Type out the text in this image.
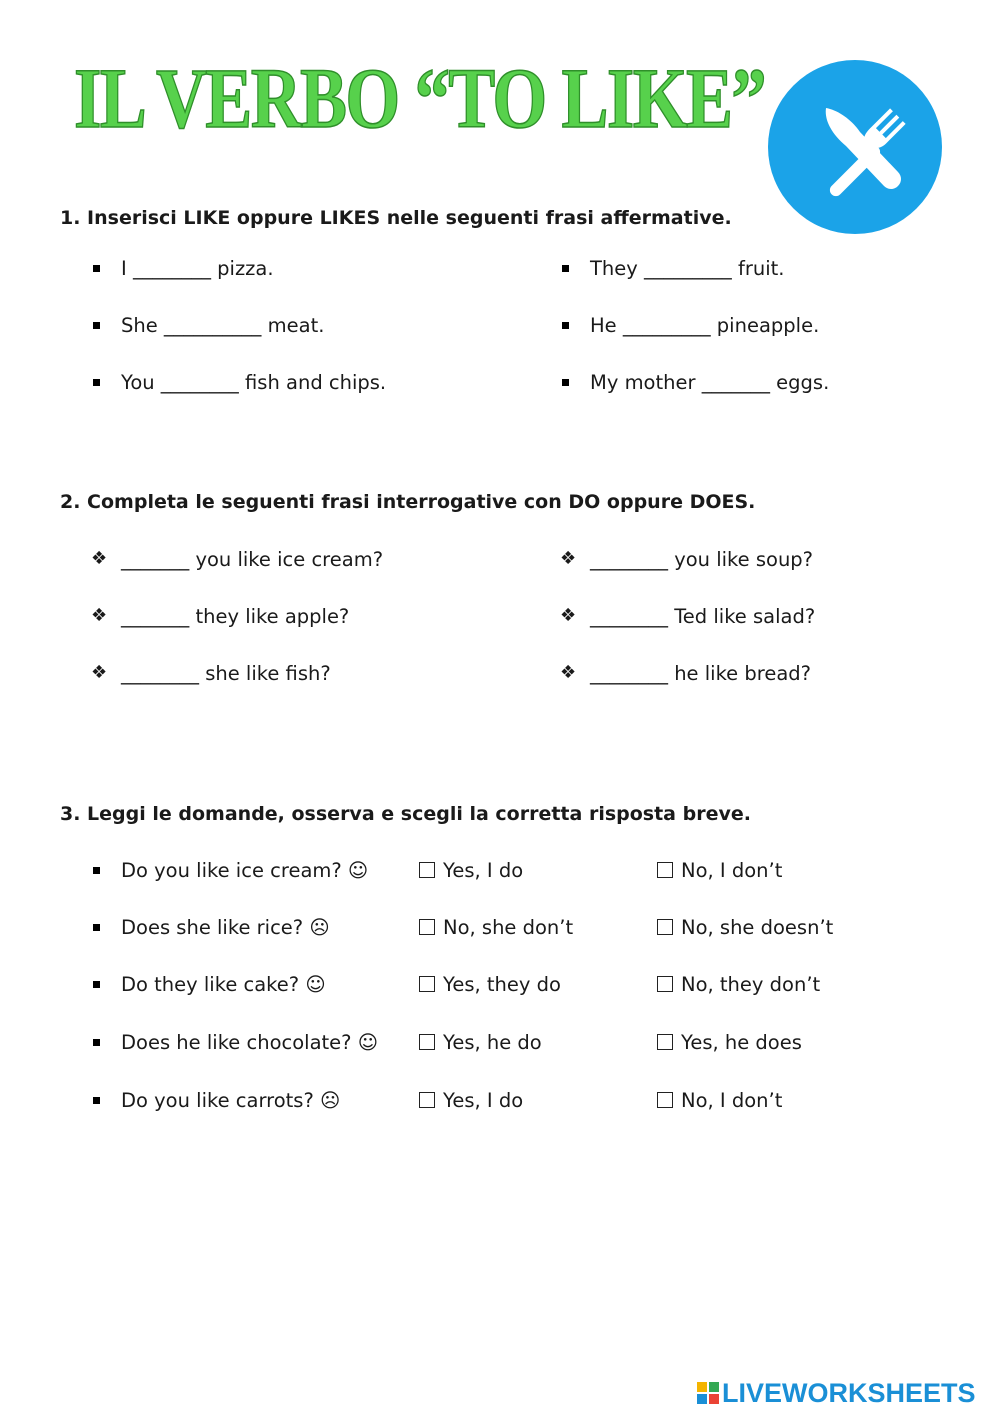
IL VERBO “TO LIKE”
1. Inserisci LIKE oppure LIKES nelle seguenti frasi affermative.
I ________ pizza.
She __________ meat.
You ________ fish and chips.
They _________ fruit.
He _________ pineapple.
My mother _______ eggs.
2. Completa le seguenti frasi interrogative con DO oppure DOES.
❖ _______ you like ice cream?
❖ _______ they like apple?
❖ ________ she like fish?
❖ ________ you like soup?
❖ ________ Ted like salad?
❖ ________ he like bread?
3. Leggi le domande, osserva e scegli la corretta risposta breve.
Do you like ice cream? ☺	Yes, I do	No, I don’t
Does she like rice? ☹	No, she don’t	No, she doesn’t
Do they like cake? ☺	Yes, they do	No, they don’t
Does he like chocolate? ☺	Yes, he do	Yes, he does
Do you like carrots? ☹	Yes, I do	No, I don’t
LIVEWORKSHEETS
